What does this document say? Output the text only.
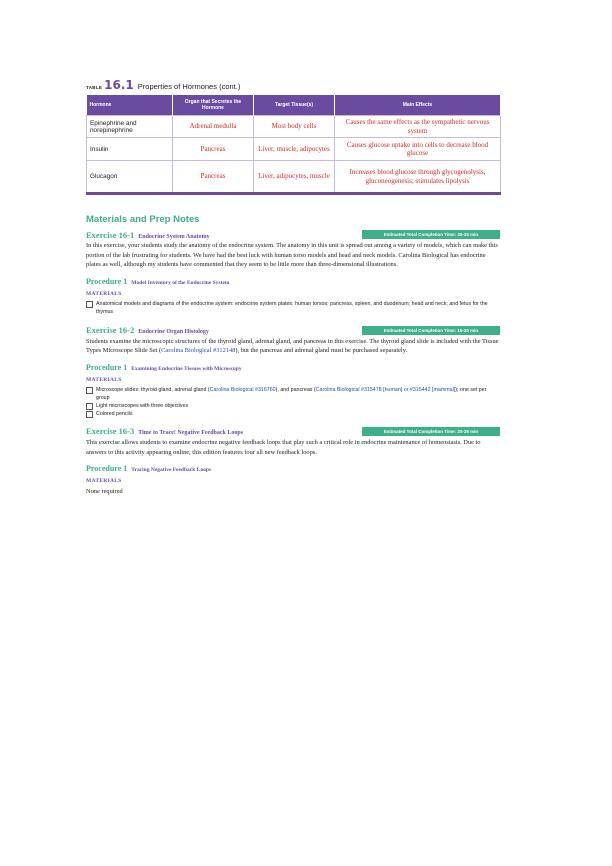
TABLE 16.1 Properties of Hormones (cont.)
Hormone	Organ that Secretes the Hormone	Target Tissue(s)	Main Effects
Epinephrine and norepinephrine	Adrenal medulla	Most body cells	Causes the same effects as the sympathetic nervous system
Insulin	Pancreas	Liver, muscle, adipocytes	Causes glucose uptake into cells to decrease blood glucose
Glucagon	Pancreas	Liver, adipocytes, muscle	Increases blood glucose through glycogenolysis, gluconeogenesis; stimulates lipolysis
Materials and Prep Notes
Exercise 16-1 Endocrine System Anatomy	Estimated Total Completion Time: 20-25 min
In this exercise, your students study the anatomy of the endocrine system. The anatomy in this unit is spread out among a variety of models, which can make this portion of the lab frustrating for students. We have had the best luck with human torso models and head and neck models. Carolina Biological has endocrine plates as well, although my students have commented that they seem to be little more than three-dimensional illustrations.
Procedure 1 Model Inventory of the Endocrine System
MATERIALS
Anatomical models and diagrams of the endocrine system: endocrine system plates; human torsos; pancreas, spleen, and duodenum; head and neck; and fetus for the thymus
Exercise 16-2 Endocrine Organ Histology	Estimated Total Completion Time: 15-20 min
Students examine the microscopic structures of the thyroid gland, adrenal gland, and pancreas in this exercise. The thyroid gland slide is included with the Tissue Types Microscope Slide Set (Carolina Biological #312148), but the pancreas and adrenal gland must be purchased separately.
Procedure 1 Examining Endocrine Tissues with Microscopy
MATERIALS
Microscope slides: thyroid gland, adrenal gland (Carolina Biological #316760), and pancreas (Carolina Biological #315478 [human] or #315442 [mammal]); one set per group
Light microscopes with three objectives
Colored pencils
Exercise 16-3 Time to Trace! Negative Feedback Loops	Estimated Total Completion Time: 20-25 min
This exercise allows students to examine endocrine negative feedback loops that play such a critical role in endocrine maintenance of homeostasis. Due to answers to this activity appearing online, this edition features four all new feedback loops.
Procedure 1 Tracing Negative Feedback Loops
MATERIALS
None required
